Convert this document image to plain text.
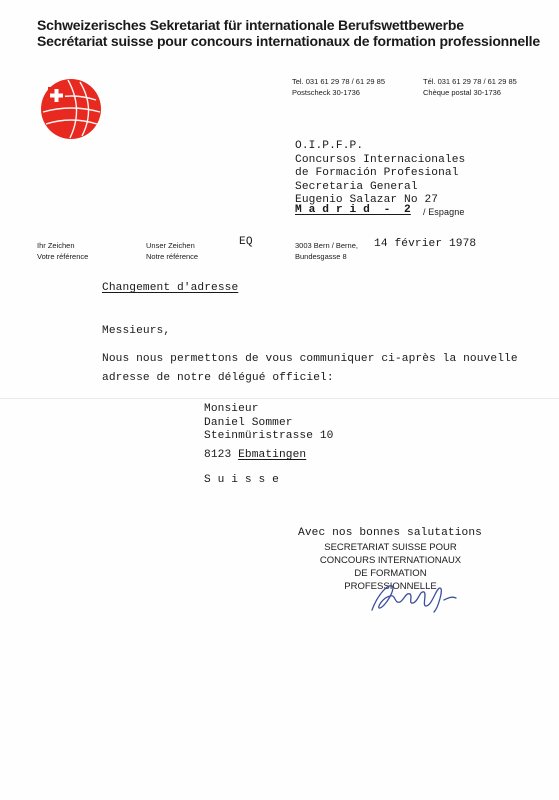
Schweizerisches Sekretariat für internationale Berufswettbewerbe
Secrétariat suisse pour concours internationaux de formation professionnelle
Tel. 031 61 29 78 / 61 29 85
Postscheck 30-1736
Tél. 031 61 29 78 / 61 29 85
Chèque postal 30-1736
O.I.P.F.P.
Concursos Internacionales
de Formación Profesional
Secretaria General
Eugenio Salazar No 27
M a d r i d  -  2 / Espagne
Ihr Zeichen
Votre référence
Unser Zeichen
Notre référence
EQ	3003 Bern / Berne,
Bundesgasse 8
14 février 1978
Changement d'adresse
Messieurs,
Nous nous permettons de vous communiquer ci-après la nouvelle
adresse de notre délégué officiel:
Monsieur
Daniel Sommer
Steinmüristrasse 10
8123 Ebmatingen
S u i s s e
Avec nos bonnes salutations
SECRETARIAT SUISSE POUR
CONCOURS INTERNATIONAUX
DE FORMATION PROFESSIONNELLE
